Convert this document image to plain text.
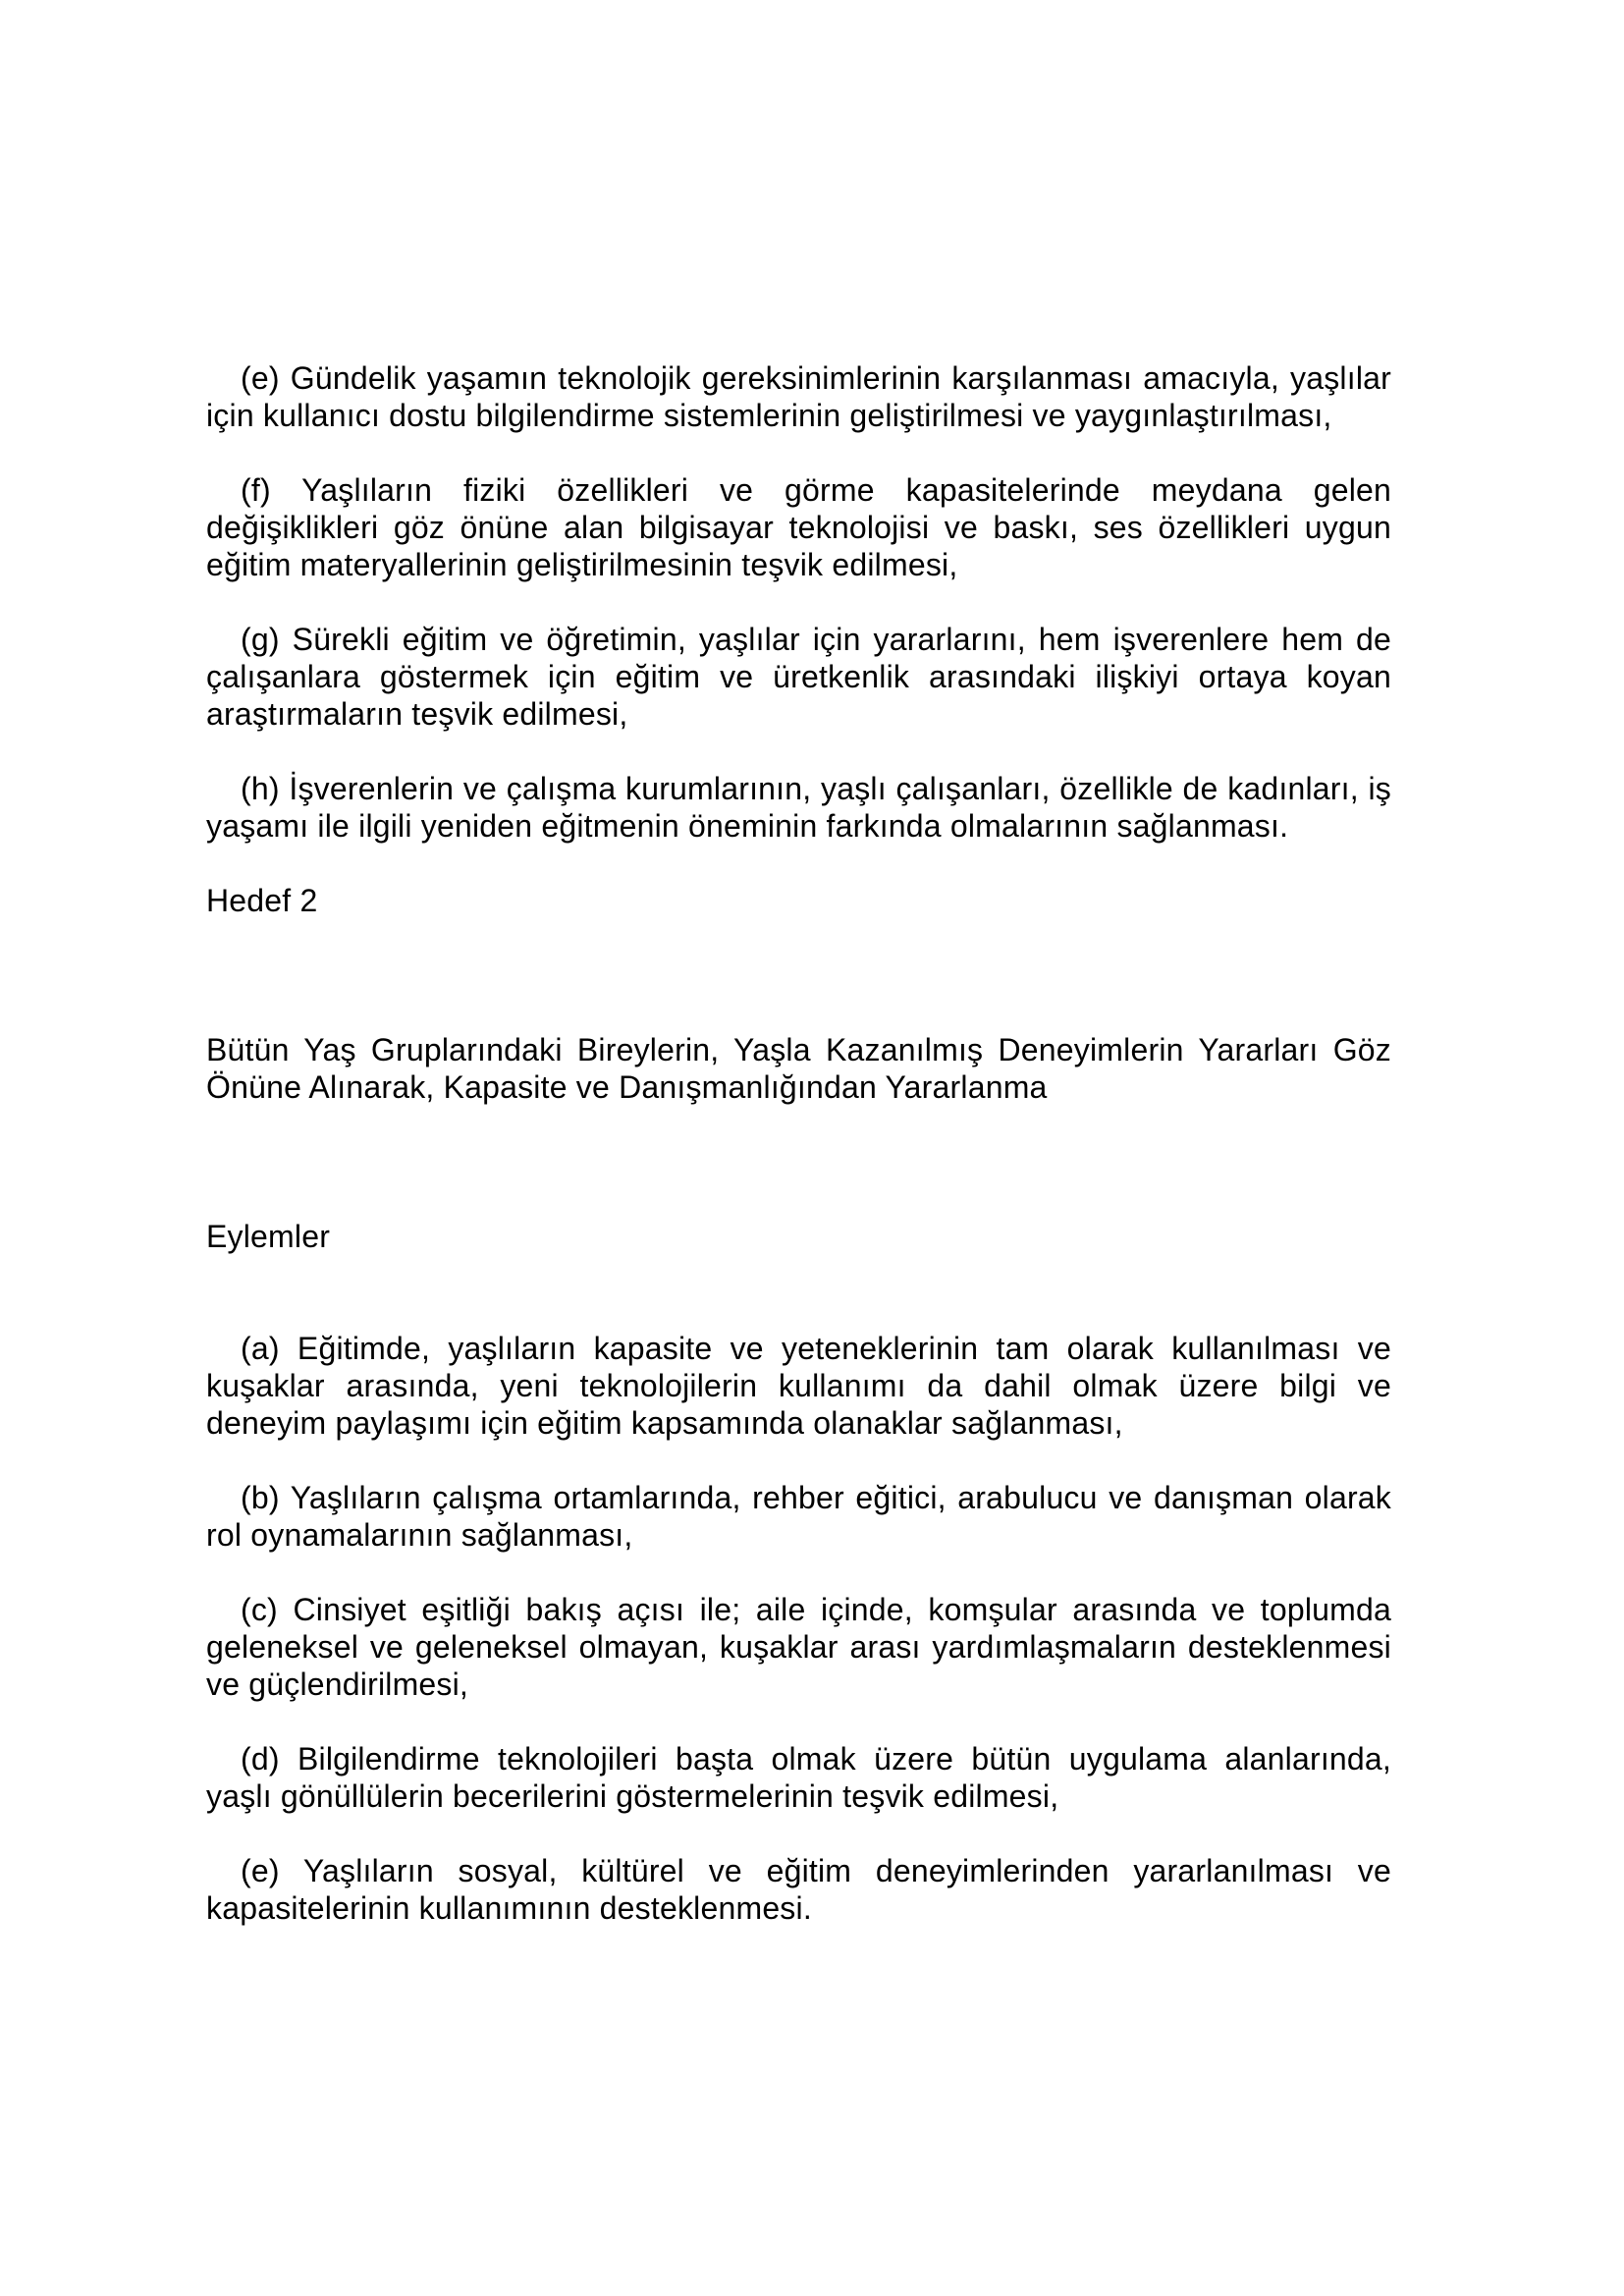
(e) Gündelik yaşamın teknolojik gereksinimlerinin karşılanması amacıyla, yaşlılar için kullanıcı dostu bilgilendirme sistemlerinin geliştirilmesi ve yaygınlaştırılması,

(f) Yaşlıların fiziki özellikleri ve görme kapasitelerinde meydana gelen değişiklikleri göz önüne alan bilgisayar teknolojisi ve baskı, ses özellikleri uygun eğitim materyallerinin geliştirilmesinin teşvik edilmesi,

(g) Sürekli eğitim ve öğretimin, yaşlılar için yararlarını, hem işverenlere hem de çalışanlara göstermek için eğitim ve üretkenlik arasındaki ilişkiyi ortaya koyan araştırmaların teşvik edilmesi,

(h) İşverenlerin ve çalışma kurumlarının, yaşlı çalışanları, özellikle de kadınları, iş yaşamı ile ilgili yeniden eğitmenin öneminin farkında olmalarının sağlanması.

Hedef 2

Bütün Yaş Gruplarındaki Bireylerin, Yaşla Kazanılmış Deneyimlerin Yararları Göz Önüne Alınarak, Kapasite ve Danışmanlığından Yararlanma

Eylemler

(a) Eğitimde, yaşlıların kapasite ve yeteneklerinin tam olarak kullanılması ve kuşaklar arasında, yeni teknolojilerin kullanımı da dahil olmak üzere bilgi ve deneyim paylaşımı için eğitim kapsamında olanaklar sağlanması,

(b) Yaşlıların çalışma ortamlarında, rehber eğitici, arabulucu ve danışman olarak rol oynamalarının sağlanması,

(c) Cinsiyet eşitliği bakış açısı ile; aile içinde, komşular arasında ve toplumda geleneksel ve geleneksel olmayan, kuşaklar arası yardımlaşmaların desteklenmesi ve güçlendirilmesi,

(d) Bilgilendirme teknolojileri başta olmak üzere bütün uygulama alanlarında, yaşlı gönüllülerin becerilerini göstermelerinin teşvik edilmesi,

(e) Yaşlıların sosyal, kültürel ve eğitim deneyimlerinden yararlanılması ve kapasitelerinin kullanımının desteklenmesi.
